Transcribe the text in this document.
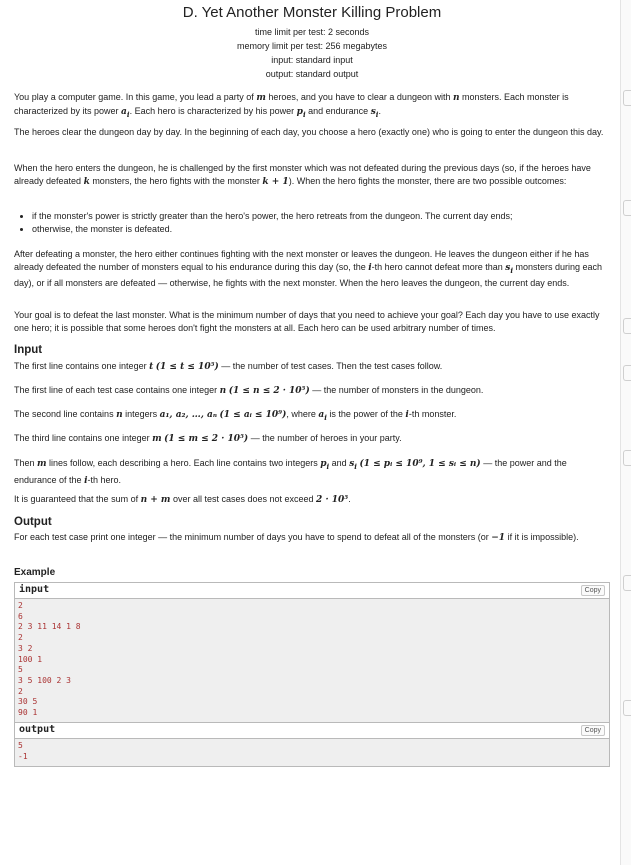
D. Yet Another Monster Killing Problem
time limit per test: 2 seconds
memory limit per test: 256 megabytes
input: standard input
output: standard output

You play a computer game. In this game, you lead a party of m heroes, and you have to clear a dungeon with n monsters. Each monster is characterized by its power $a_i$. Each hero is characterized by his power $p_i$ and endurance $s_i$.

The heroes clear the dungeon day by day. In the beginning of each day, you choose a hero (exactly one) who is going to enter the dungeon this day.

When the hero enters the dungeon, he is challenged by the first monster which was not defeated during the previous days (so, if the heroes have already defeated k monsters, the hero fights with the monster k + 1). When the hero fights the monster, there are two possible outcomes:

• if the monster's power is strictly greater than the hero's power, the hero retreats from the dungeon. The current day ends;
• otherwise, the monster is defeated.

After defeating a monster, the hero either continues fighting with the next monster or leaves the dungeon. He leaves the dungeon either if he has already defeated the number of monsters equal to his endurance during this day (so, the i-th hero cannot defeat more than $s_i$ monsters during each day), or if all monsters are defeated — otherwise, he fights with the next monster. When the hero leaves the dungeon, the current day ends.

Your goal is to defeat the last monster. What is the minimum number of days that you need to achieve your goal? Each day you have to use exactly one hero; it is possible that some heroes don't fight the monsters at all. Each hero can be used arbitrary number of times.

Input

The first line contains one integer t (1 ≤ t ≤ 10⁵) — the number of test cases. Then the test cases follow.

The first line of each test case contains one integer n (1 ≤ n ≤ 2 · 10⁵) — the number of monsters in the dungeon.

The second line contains n integers a₁, a₂, …, aₙ (1 ≤ aᵢ ≤ 10⁹), where $a_i$ is the power of the i-th monster.

The third line contains one integer m (1 ≤ m ≤ 2 · 10⁵) — the number of heroes in your party.

Then m lines follow, each describing a hero. Each line contains two integers $p_i$ and $s_i$ (1 ≤ pᵢ ≤ 10⁹, 1 ≤ sᵢ ≤ n) — the power and the endurance of the i-th hero.

It is guaranteed that the sum of n + m over all test cases does not exceed 2 · 10⁵.

Output

For each test case print one integer — the minimum number of days you have to spend to defeat all of the monsters (or −1 if it is impossible).

Example
input	Copy
2
6
2 3 11 14 1 8
2
3 2
100 1
5
3 5 100 2 3
2
30 5
90 1
output	Copy
5
-1
